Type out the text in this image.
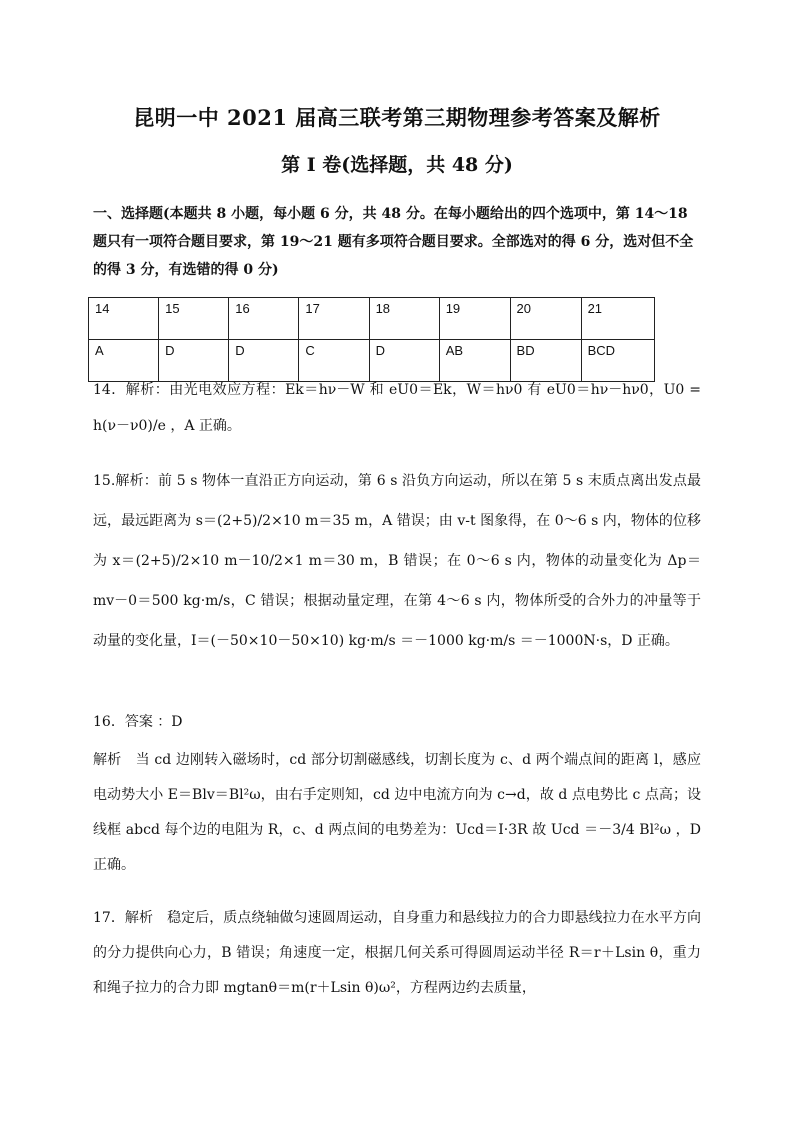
昆明一中 2021 届高三联考第三期物理参考答案及解析
第 I 卷(选择题，共 48 分)

一、选择题(本题共 8 小题，每小题 6 分，共 48 分。在每小题给出的四个选项中，第 14～18 题只有一项符合题目要求，第 19～21 题有多项符合题目要求。全部选对的得 6 分，选对但不全的得 3 分，有选错的得 0 分)

14	15	16	17	18	19	20	21
A	D	D	C	D	AB	BD	BCD

14．解析：由光电效应方程：Ek＝hν－W 和 eU0＝Ek，W＝hν0 有 eU0＝hν－hν0，U0 = h(ν－ν0)/e ，A 正确。

15.解析：前 5 s 物体一直沿正方向运动，第 6 s 沿负方向运动，所以在第 5 s 末质点离出发点最远，最远距离为 s＝(2+5)/2×10 m＝35 m，A 错误；由 v-t 图象得，在 0～6 s 内，物体的位移为 x＝(2+5)/2×10 m－10/2×1 m＝30 m，B 错误；在 0～6 s 内，物体的动量变化为 Δp＝mv－0＝500 kg·m/s，C 错误；根据动量定理，在第 4～6 s 内，物体所受的合外力的冲量等于动量的变化量，I＝(－50×10－50×10) kg·m/s ＝－1000 kg·m/s ＝－1000N·s，D 正确。

16．答案 ：D

解析　当 cd 边刚转入磁场时，cd 部分切割磁感线，切割长度为 c、d 两个端点间的距离 l，感应电动势大小 E＝Blv＝Bl²ω，由右手定则知，cd 边中电流方向为 c→d，故 d 点电势比 c 点高；设线框 abcd 每个边的电阻为 R，c、d 两点间的电势差为：Ucd＝I·3R 故 Ucd ＝－3/4 Bl²ω ，D 正确。

17．解析　稳定后，质点绕轴做匀速圆周运动，自身重力和悬线拉力的合力即悬线拉力在水平方向的分力提供向心力，B 错误；角速度一定，根据几何关系可得圆周运动半径 R＝r＋Lsin θ，重力和绳子拉力的合力即 mgtanθ＝m(r＋Lsin θ)ω²，方程两边约去质量，
